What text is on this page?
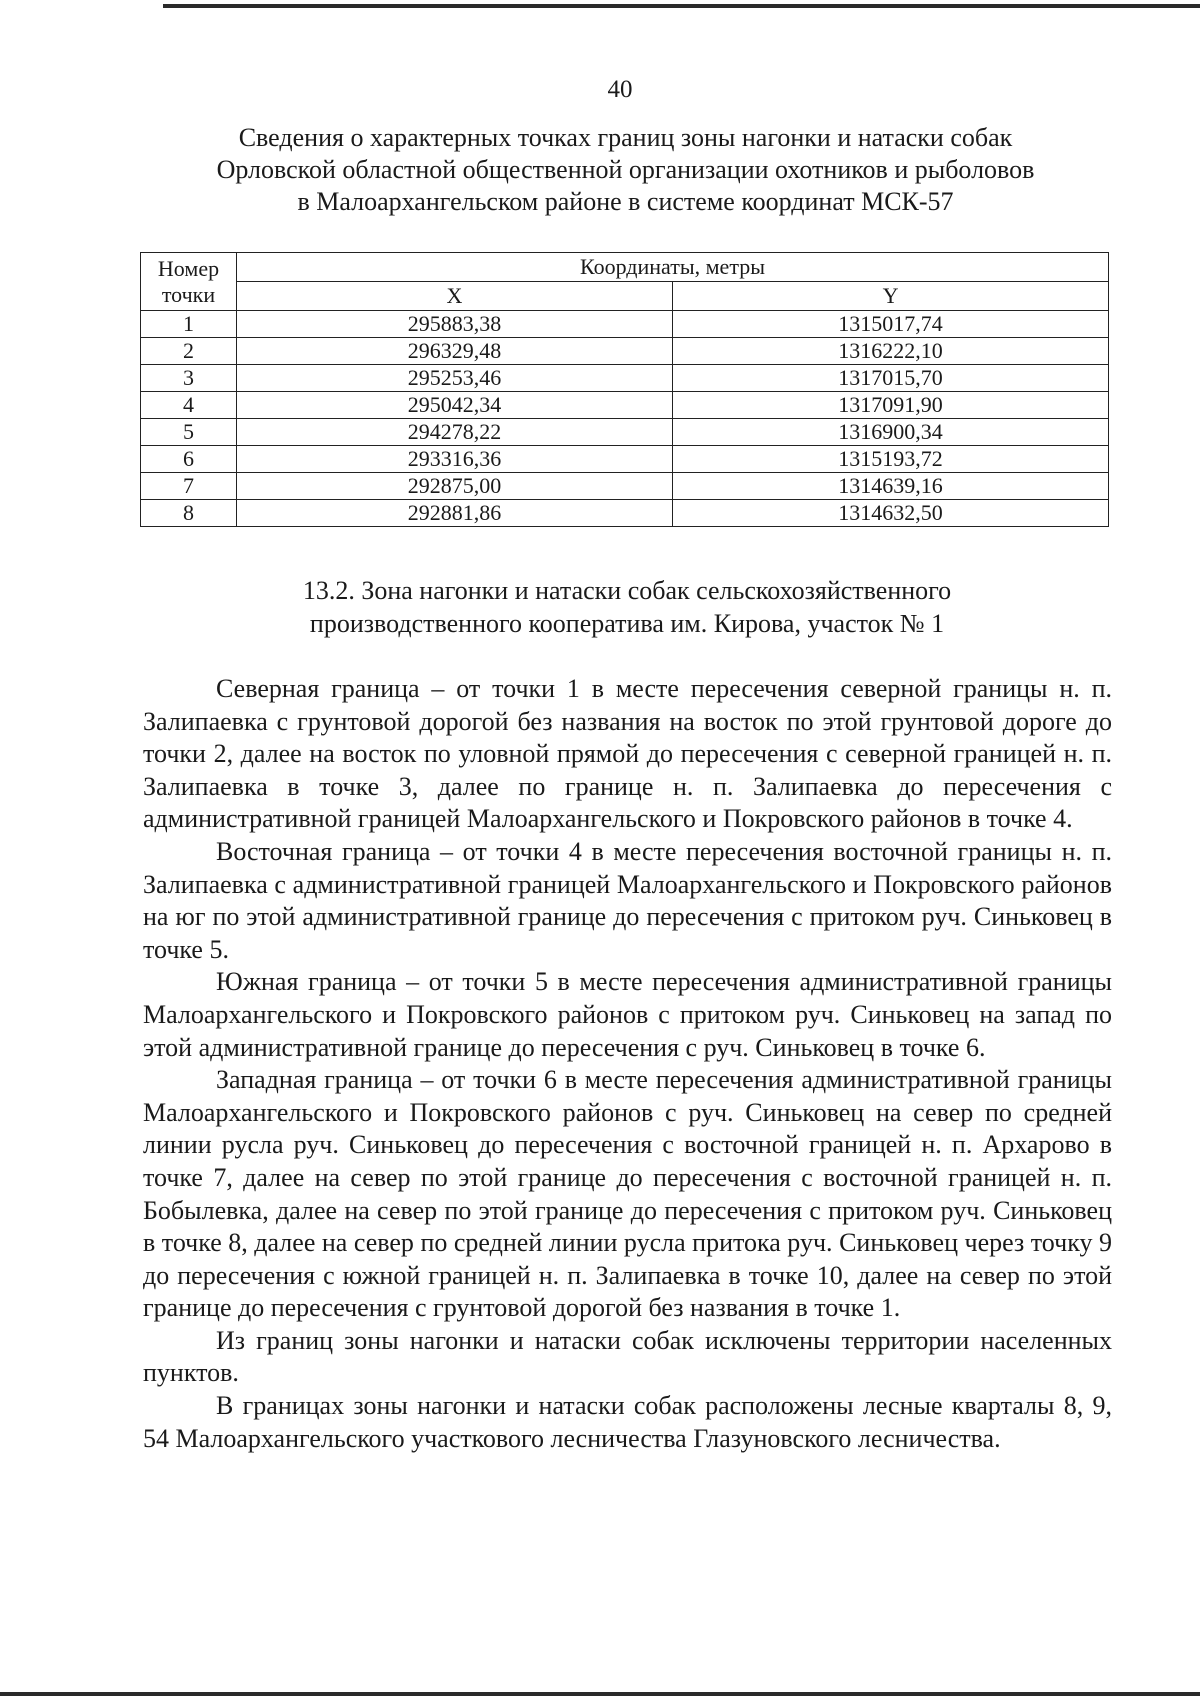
40
Сведения о характерных точках границ зоны нагонки и натаски собак
Орловской областной общественной организации охотников и рыболовов
в Малоархангельском районе в системе координат МСК-57
Номер
точки	Координаты, метры	
	X	Y
1	295883,38	1315017,74
2	296329,48	1316222,10
3	295253,46	1317015,70
4	295042,34	1317091,90
5	294278,22	1316900,34
6	293316,36	1315193,72
7	292875,00	1314639,16
8	292881,86	1314632,50
13.2. Зона нагонки и натаски собак сельскохозяйственного
производственного кооператива им. Кирова, участок № 1

Северная граница – от точки 1 в месте пересечения северной границы н. п. Залипаевка с грунтовой дорогой без названия на восток по этой грунтовой дороге до точки 2, далее на восток по уловной прямой до пересечения с северной границей н. п. Залипаевка в точке 3, далее по границе н. п. Залипаевка до пересечения с административной границей Малоархангельского и Покровского районов в точке 4.

Восточная граница – от точки 4 в месте пересечения восточной границы н. п. Залипаевка с административной границей Малоархангельского и Покровского районов на юг по этой административной границе до пересечения с притоком руч. Синьковец в точке 5.

Южная граница – от точки 5 в месте пересечения административной границы Малоархангельского и Покровского районов с притоком руч. Синьковец на запад по этой административной границе до пересечения с руч. Синьковец в точке 6.

Западная граница – от точки 6 в месте пересечения административной границы Малоархангельского и Покровского районов с руч. Синьковец на север по средней линии русла руч. Синьковец до пересечения с восточной границей н. п. Архарово в точке 7, далее на север по этой границе до пересечения с восточной границей н. п. Бобылевка, далее на север по этой границе до пересечения с притоком руч. Синьковец в точке 8, далее на север по средней линии русла притока руч. Синьковец через точку 9 до пересечения с южной границей н. п. Залипаевка в точке 10, далее на север по этой границе до пересечения с грунтовой дорогой без названия в точке 1.

Из границ зоны нагонки и натаски собак исключены территории населенных пунктов.

В границах зоны нагонки и натаски собак расположены лесные кварталы 8, 9, 54 Малоархангельского участкового лесничества Глазуновского лесничества.
